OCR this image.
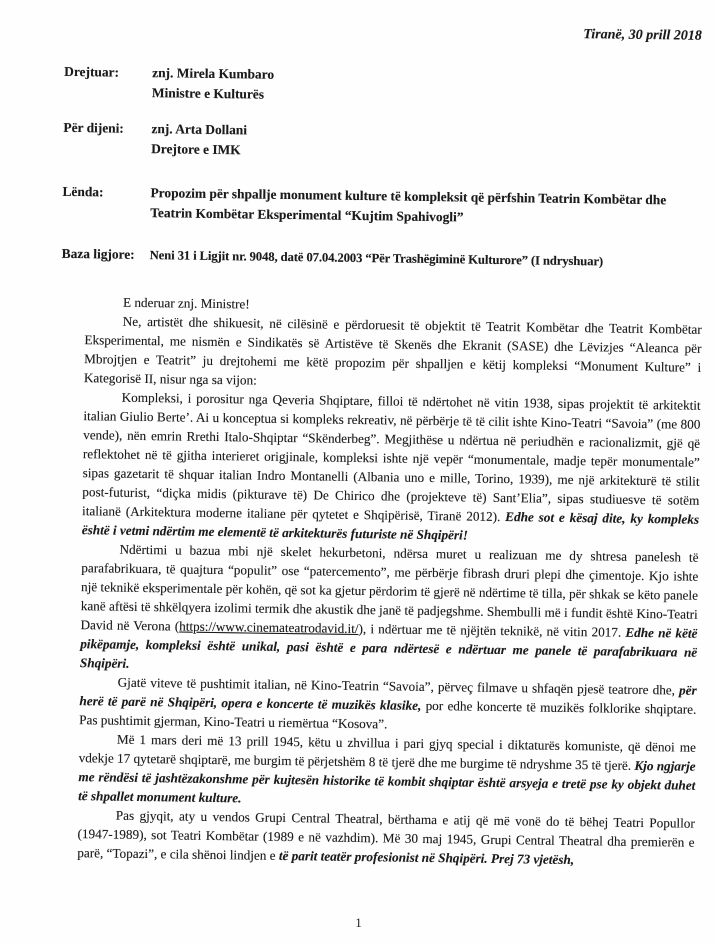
Tiranë, 30 prill 2018
Drejtuar:	znj. Mirela Kumbaro
Ministre e Kulturës
Për dijeni:	znj. Arta Dollani
Drejtore e IMK
Lënda:	Propozim për shpallje monument kulture të kompleksit që përfshin Teatrin Kombëtar dhe Teatrin Kombëtar Eksperimental “Kujtim Spahivogli”
Baza ligjore:	Neni 31 i Ligjit nr. 9048, datë 07.04.2003 “Për Trashëgiminë Kulturore” (I ndryshuar)

E nderuar znj. Ministre!

Ne, artistët dhe shikuesit, në cilësinë e përdoruesit të objektit të Teatrit Kombëtar dhe Teatrit Kombëtar Eksperimental, me nismën e Sindikatës së Artistëve të Skenës dhe Ekranit (SASE) dhe Lëvizjes “Aleanca për Mbrojtjen e Teatrit” ju drejtohemi me këtë propozim për shpalljen e këtij kompleksi “Monument Kulture” i Kategorisë II, nisur nga sa vijon:

Kompleksi, i porositur nga Qeveria Shqiptare, filloi të ndërtohet në vitin 1938, sipas projektit të arkitektit italian Giulio Berte’. Ai u konceptua si kompleks rekreativ, në përbërje të të cilit ishte Kino-Teatri “Savoia” (me 800 vende), nën emrin Rrethi Italo-Shqiptar “Skënderbeg”. Megjithëse u ndërtua në periudhën e racionalizmit, gjë që reflektohet në të gjitha interieret origjinale, kompleksi ishte një vepër “monumentale, madje tepër monumentale” sipas gazetarit të shquar italian Indro Montanelli (Albania uno e mille, Torino, 1939), me një arkitekturë të stilit post-futurist, “diçka midis (pikturave të) De Chirico dhe (projekteve të) Sant’Elia”, sipas studiuesve të sotëm italianë (Arkitektura moderne italiane për qytetet e Shqipërisë, Tiranë 2012). Edhe sot e kësaj dite, ky kompleks është i vetmi ndërtim me elementë të arkitekturës futuriste në Shqipëri!

Ndërtimi u bazua mbi një skelet hekurbetoni, ndërsa muret u realizuan me dy shtresa panelesh të parafabrikuara, të quajtura “populit” ose “patercemento”, me përbërje fibrash druri plepi dhe çimentoje. Kjo ishte një teknikë eksperimentale për kohën, që sot ka gjetur përdorim të gjerë në ndërtime të tilla, për shkak se këto panele kanë aftësi të shkëlqyera izolimi termik dhe akustik dhe janë të padjegshme. Shembulli më i fundit është Kino-Teatri David në Verona (https://www.cinemateatrodavid.it/), i ndërtuar me të njëjtën teknikë, në vitin 2017. Edhe në këtë pikëpamje, kompleksi është unikal, pasi është e para ndërtesë e ndërtuar me panele të parafabrikuara në Shqipëri.

Gjatë viteve të pushtimit italian, në Kino-Teatrin “Savoia”, përveç filmave u shfaqën pjesë teatrore dhe, për herë të parë në Shqipëri, opera e koncerte të muzikës klasike, por edhe koncerte të muzikës folklorike shqiptare. Pas pushtimit gjerman, Kino-Teatri u riemërtua “Kosova”.

Më 1 mars deri më 13 prill 1945, këtu u zhvillua i pari gjyq special i diktaturës komuniste, që dënoi me vdekje 17 qytetarë shqiptarë, me burgim të përjetshëm 8 të tjerë dhe me burgime të ndryshme 35 të tjerë. Kjo ngjarje me rëndësi të jashtëzakonshme për kujtesën historike të kombit shqiptar është arsyeja e tretë pse ky objekt duhet të shpallet monument kulture.

Pas gjyqit, aty u vendos Grupi Central Theatral, bërthama e atij që më vonë do të bëhej Teatri Popullor (1947-1989), sot Teatri Kombëtar (1989 e në vazhdim). Më 30 maj 1945, Grupi Central Theatral dha premierën e parë, “Topazi”, e cila shënoi lindjen e të parit teatër profesionist në Shqipëri. Prej 73 vjetësh,

1
